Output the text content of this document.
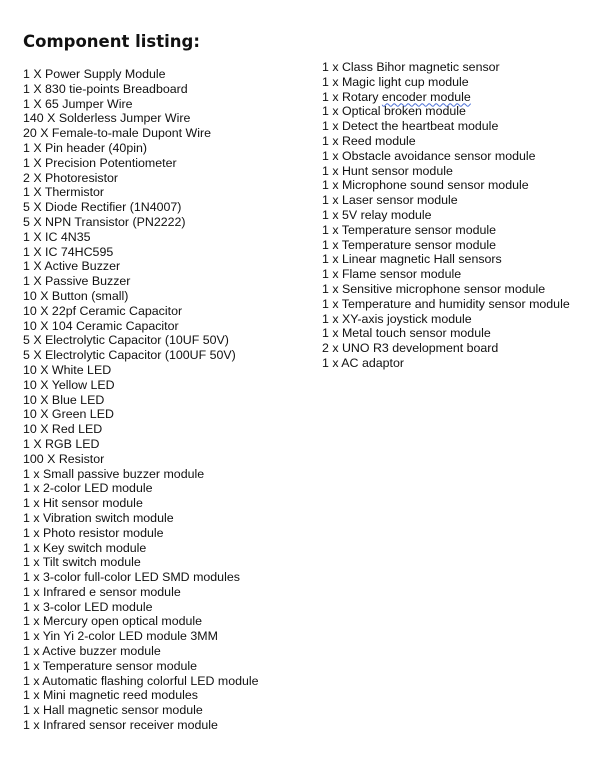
Component listing:
1 X Power Supply Module
1 X 830 tie-points Breadboard
1 X 65 Jumper Wire
140 X Solderless Jumper Wire
20 X Female-to-male Dupont Wire
1 X Pin header (40pin)
1 X Precision Potentiometer
2 X Photoresistor
1 X Thermistor
5 X Diode Rectifier (1N4007)
5 X NPN Transistor (PN2222)
1 X IC 4N35
1 X IC 74HC595
1 X Active Buzzer
1 X Passive Buzzer
10 X Button (small)
10 X 22pf Ceramic Capacitor
10 X 104 Ceramic Capacitor
5 X Electrolytic Capacitor (10UF 50V)
5 X Electrolytic Capacitor (100UF 50V)
10 X White LED
10 X Yellow LED
10 X Blue LED
10 X Green LED
10 X Red LED
1 X RGB LED
100 X Resistor
1 x Small passive buzzer module
1 x 2-color LED module
1 x Hit sensor module
1 x Vibration switch module
1 x Photo resistor module
1 x Key switch module
1 x Tilt switch module
1 x 3-color full-color LED SMD modules
1 x Infrared e sensor module
1 x 3-color LED module
1 x Mercury open optical module
1 x Yin Yi 2-color LED module 3MM
1 x Active buzzer module
1 x Temperature sensor module
1 x Automatic flashing colorful LED module
1 x Mini magnetic reed modules
1 x Hall magnetic sensor module
1 x Infrared sensor receiver module
1 x Class Bihor magnetic sensor
1 x Magic light cup module
1 x Rotary encoder module
1 x Optical broken module
1 x Detect the heartbeat module
1 x Reed module
1 x Obstacle avoidance sensor module
1 x Hunt sensor module
1 x Microphone sound sensor module
1 x Laser sensor module
1 x 5V relay module
1 x Temperature sensor module
1 x Temperature sensor module
1 x Linear magnetic Hall sensors
1 x Flame sensor module
1 x Sensitive microphone sensor module
1 x Temperature and humidity sensor module
1 x XY-axis joystick module
1 x Metal touch sensor module
2 x UNO R3 development board
1 x AC adaptor
